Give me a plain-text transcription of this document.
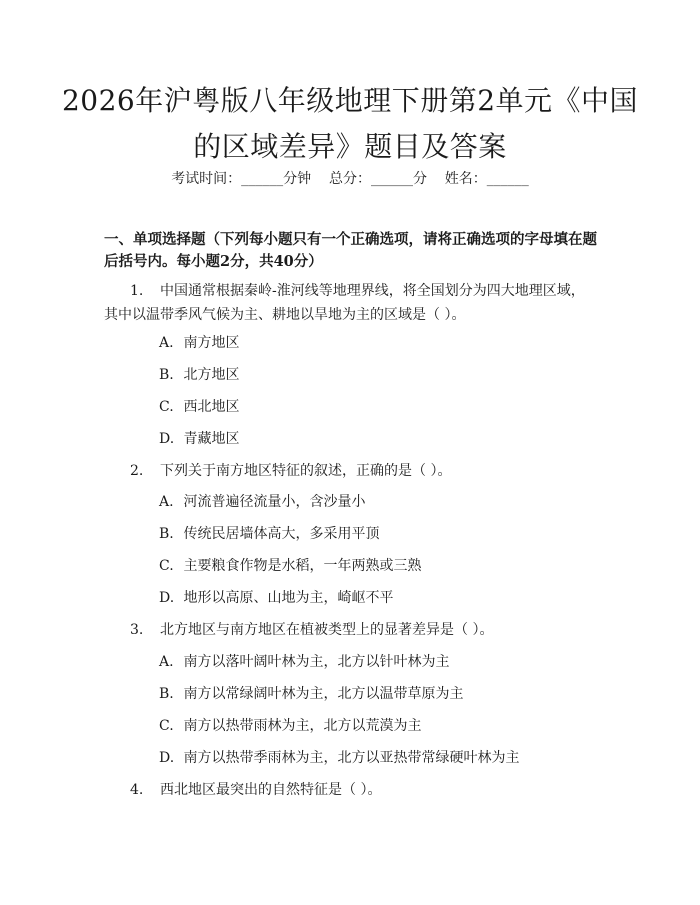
2026年沪粤版八年级地理下册第2单元《中国的区域差异》题目及答案
考试时间：______分钟    总分：______分    姓名：______

一、单项选择题（下列每小题只有一个正确选项，请将正确选项的字母填在题后括号内。每小题2分，共40分）

1. 中国通常根据秦岭-淮河线等地理界线，将全国划分为四大地理区域，其中以温带季风气候为主、耕地以旱地为主的区域是（ ）。

A. 南方地区

B. 北方地区

C. 西北地区

D. 青藏地区

2. 下列关于南方地区特征的叙述，正确的是（ ）。

A. 河流普遍径流量小，含沙量小

B. 传统民居墙体高大，多采用平顶

C. 主要粮食作物是水稻，一年两熟或三熟

D. 地形以高原、山地为主，崎岖不平

3. 北方地区与南方地区在植被类型上的显著差异是（ ）。

A. 南方以落叶阔叶林为主，北方以针叶林为主

B. 南方以常绿阔叶林为主，北方以温带草原为主

C. 南方以热带雨林为主，北方以荒漠为主

D. 南方以热带季雨林为主，北方以亚热带常绿硬叶林为主

4. 西北地区最突出的自然特征是（ ）。
